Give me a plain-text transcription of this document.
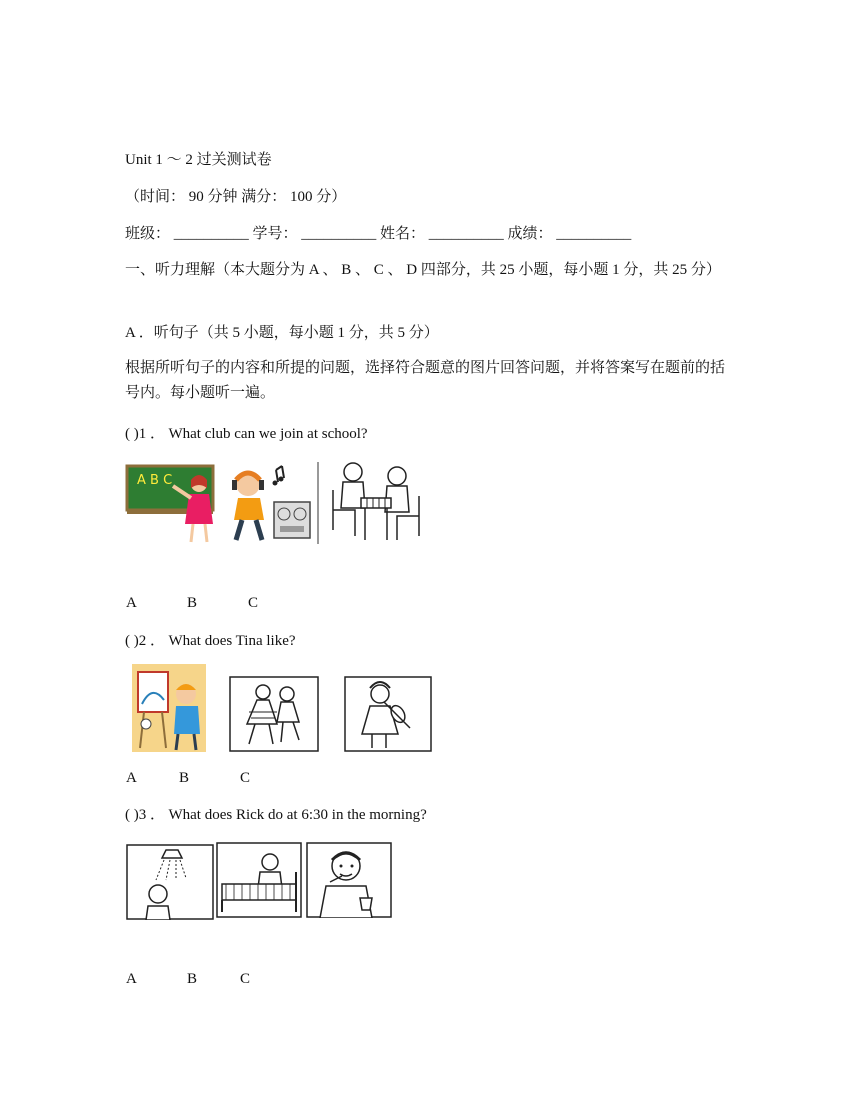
Unit 1 ～ 2 过关测试卷
（时间： 90 分钟 满分： 100 分）
班级： __________ 学号： __________ 姓名： __________ 成绩： __________
一、听力理解（本大题分为 A 、 B 、 C 、 D 四部分，共 25 小题，每小题 1 分，共 25 分）
A ．听句子（共 5 小题，每小题 1 分，共 5 分）
根据所听句子的内容和所提的问题，选择符合题意的图片回答问题，并将答案写在题前的括号内。每小题听一遍。
( )1 ． What club can we join at school?
A B C
A	B	C
( )2 ． What does Tina like?
A	B	C
( )3 ． What does Rick do at 6:30 in the morning?
A	B	C
